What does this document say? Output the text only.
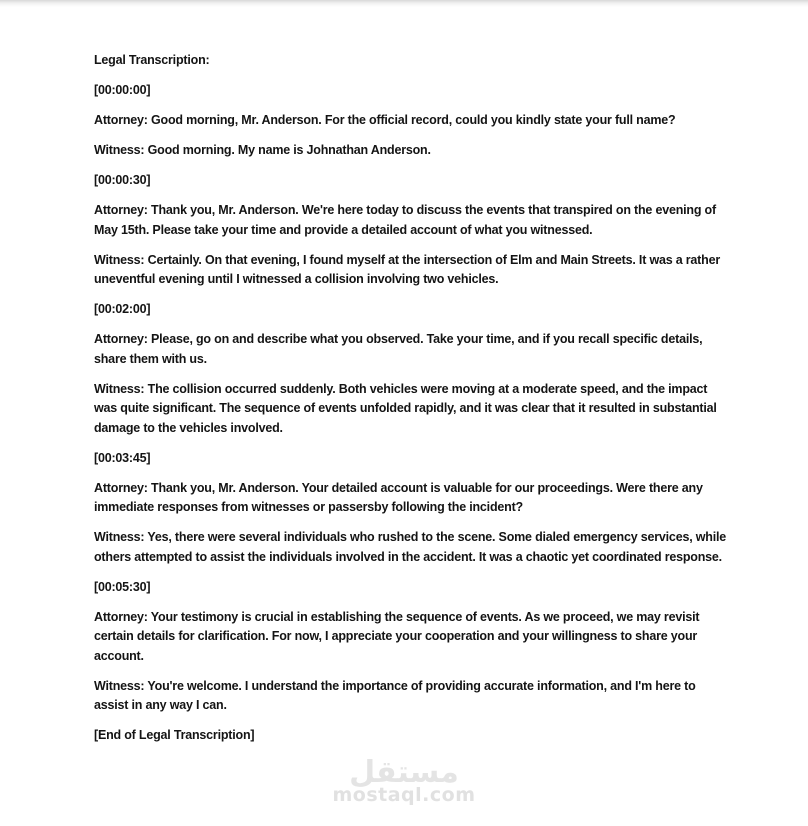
Legal Transcription:

[00:00:00]

Attorney: Good morning, Mr. Anderson. For the official record, could you kindly state your full name?

Witness: Good morning. My name is Johnathan Anderson.

[00:00:30]

Attorney: Thank you, Mr. Anderson. We're here today to discuss the events that transpired on the evening of May 15th. Please take your time and provide a detailed account of what you witnessed.

Witness: Certainly. On that evening, I found myself at the intersection of Elm and Main Streets. It was a rather uneventful evening until I witnessed a collision involving two vehicles.

[00:02:00]

Attorney: Please, go on and describe what you observed. Take your time, and if you recall specific details, share them with us.

Witness: The collision occurred suddenly. Both vehicles were moving at a moderate speed, and the impact was quite significant. The sequence of events unfolded rapidly, and it was clear that it resulted in substantial damage to the vehicles involved.

[00:03:45]

Attorney: Thank you, Mr. Anderson. Your detailed account is valuable for our proceedings. Were there any immediate responses from witnesses or passersby following the incident?

Witness: Yes, there were several individuals who rushed to the scene. Some dialed emergency services, while others attempted to assist the individuals involved in the accident. It was a chaotic yet coordinated response.

[00:05:30]

Attorney: Your testimony is crucial in establishing the sequence of events. As we proceed, we may revisit certain details for clarification. For now, I appreciate your cooperation and your willingness to share your account.

Witness: You're welcome. I understand the importance of providing accurate information, and I'm here to assist in any way I can.

[End of Legal Transcription]

مستقل
mostaql.com
